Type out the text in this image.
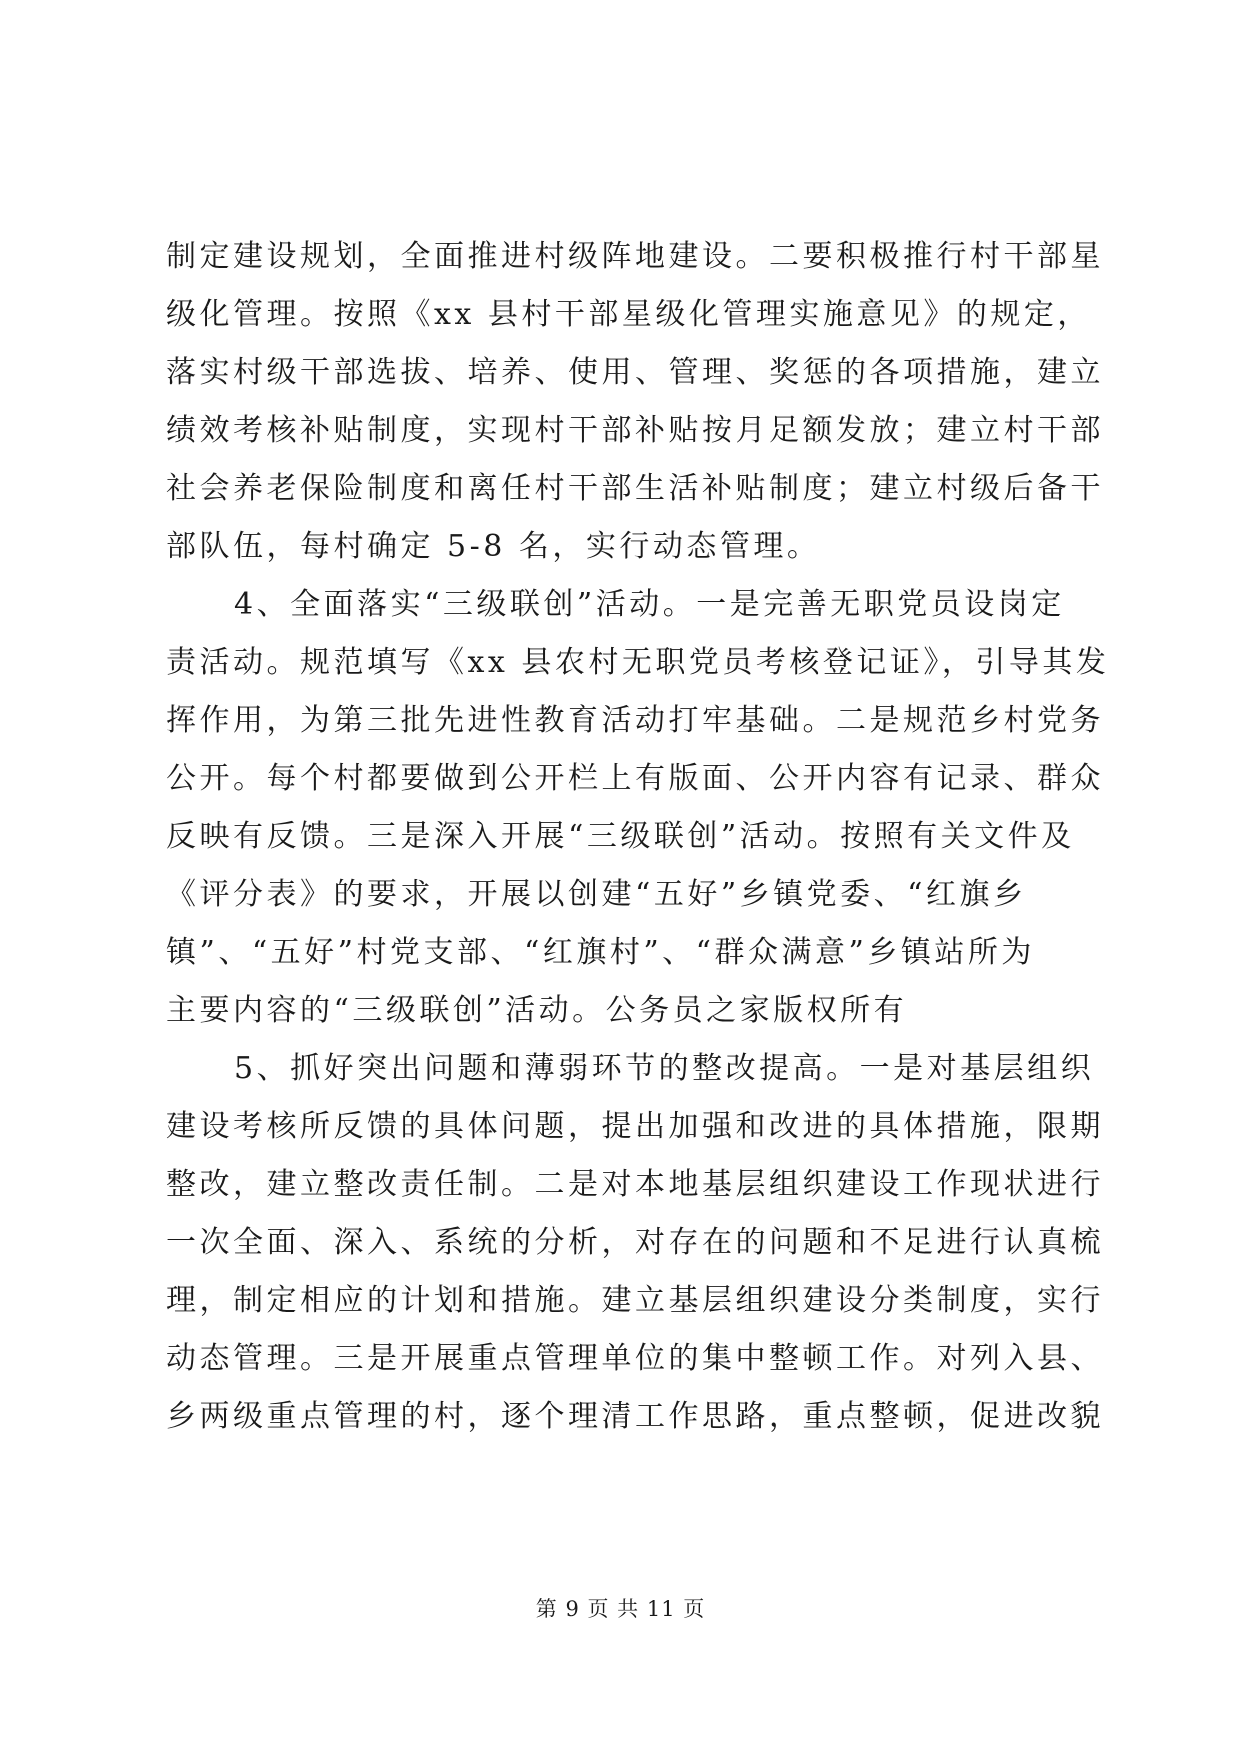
制定建设规划，全面推进村级阵地建设。二要积极推行村干部星
级化管理。按照《xx 县村干部星级化管理实施意见》的规定，
落实村级干部选拔、培养、使用、管理、奖惩的各项措施，建立
绩效考核补贴制度，实现村干部补贴按月足额发放；建立村干部
社会养老保险制度和离任村干部生活补贴制度；建立村级后备干
部队伍，每村确定 5-8 名，实行动态管理。
4、全面落实“三级联创”活动。一是完善无职党员设岗定
责活动。规范填写《xx 县农村无职党员考核登记证》，引导其发
挥作用，为第三批先进性教育活动打牢基础。二是规范乡村党务
公开。每个村都要做到公开栏上有版面、公开内容有记录、群众
反映有反馈。三是深入开展“三级联创”活动。按照有关文件及
《评分表》的要求，开展以创建“五好”乡镇党委、“红旗乡
镇”、“五好”村党支部、“红旗村”、“群众满意”乡镇站所为
主要内容的“三级联创”活动。公务员之家版权所有
5、抓好突出问题和薄弱环节的整改提高。一是对基层组织
建设考核所反馈的具体问题，提出加强和改进的具体措施，限期
整改，建立整改责任制。二是对本地基层组织建设工作现状进行
一次全面、深入、系统的分析，对存在的问题和不足进行认真梳
理，制定相应的计划和措施。建立基层组织建设分类制度，实行
动态管理。三是开展重点管理单位的集中整顿工作。对列入县、
乡两级重点管理的村，逐个理清工作思路，重点整顿，促进改貌
第 9 页 共 11 页
